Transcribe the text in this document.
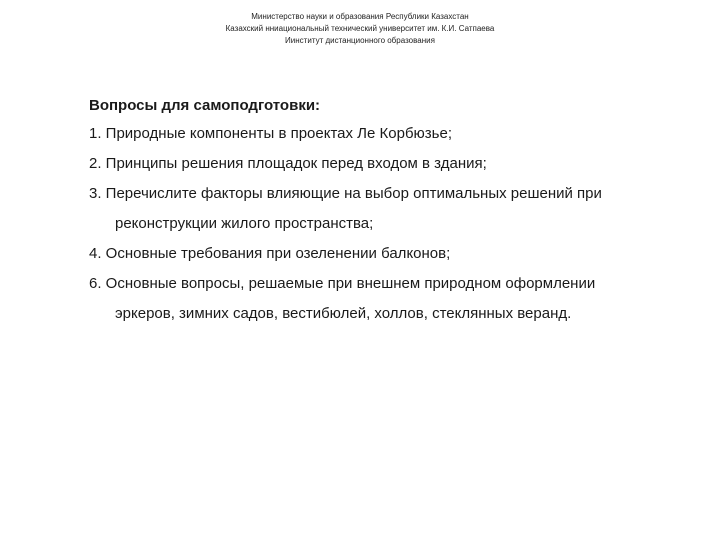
Министерство науки и образования Республики Казахстан
Казахский нниациональный технический университет им. К.И. Сатпаева
Иинститут дистанционного образования
Вопросы для самоподготовки:
1. Природные компоненты в проектах Ле Корбюзье;
2. Принципы решения площадок перед входом в здания;
3. Перечислите факторы влияющие на выбор оптимальных решений при
реконструкции жилого пространства;
4. Основные требования при озеленении балконов;
6. Основные вопросы, решаемые при внешнем природном оформлении
эркеров, зимних садов, вестибюлей, холлов, стеклянных веранд.
